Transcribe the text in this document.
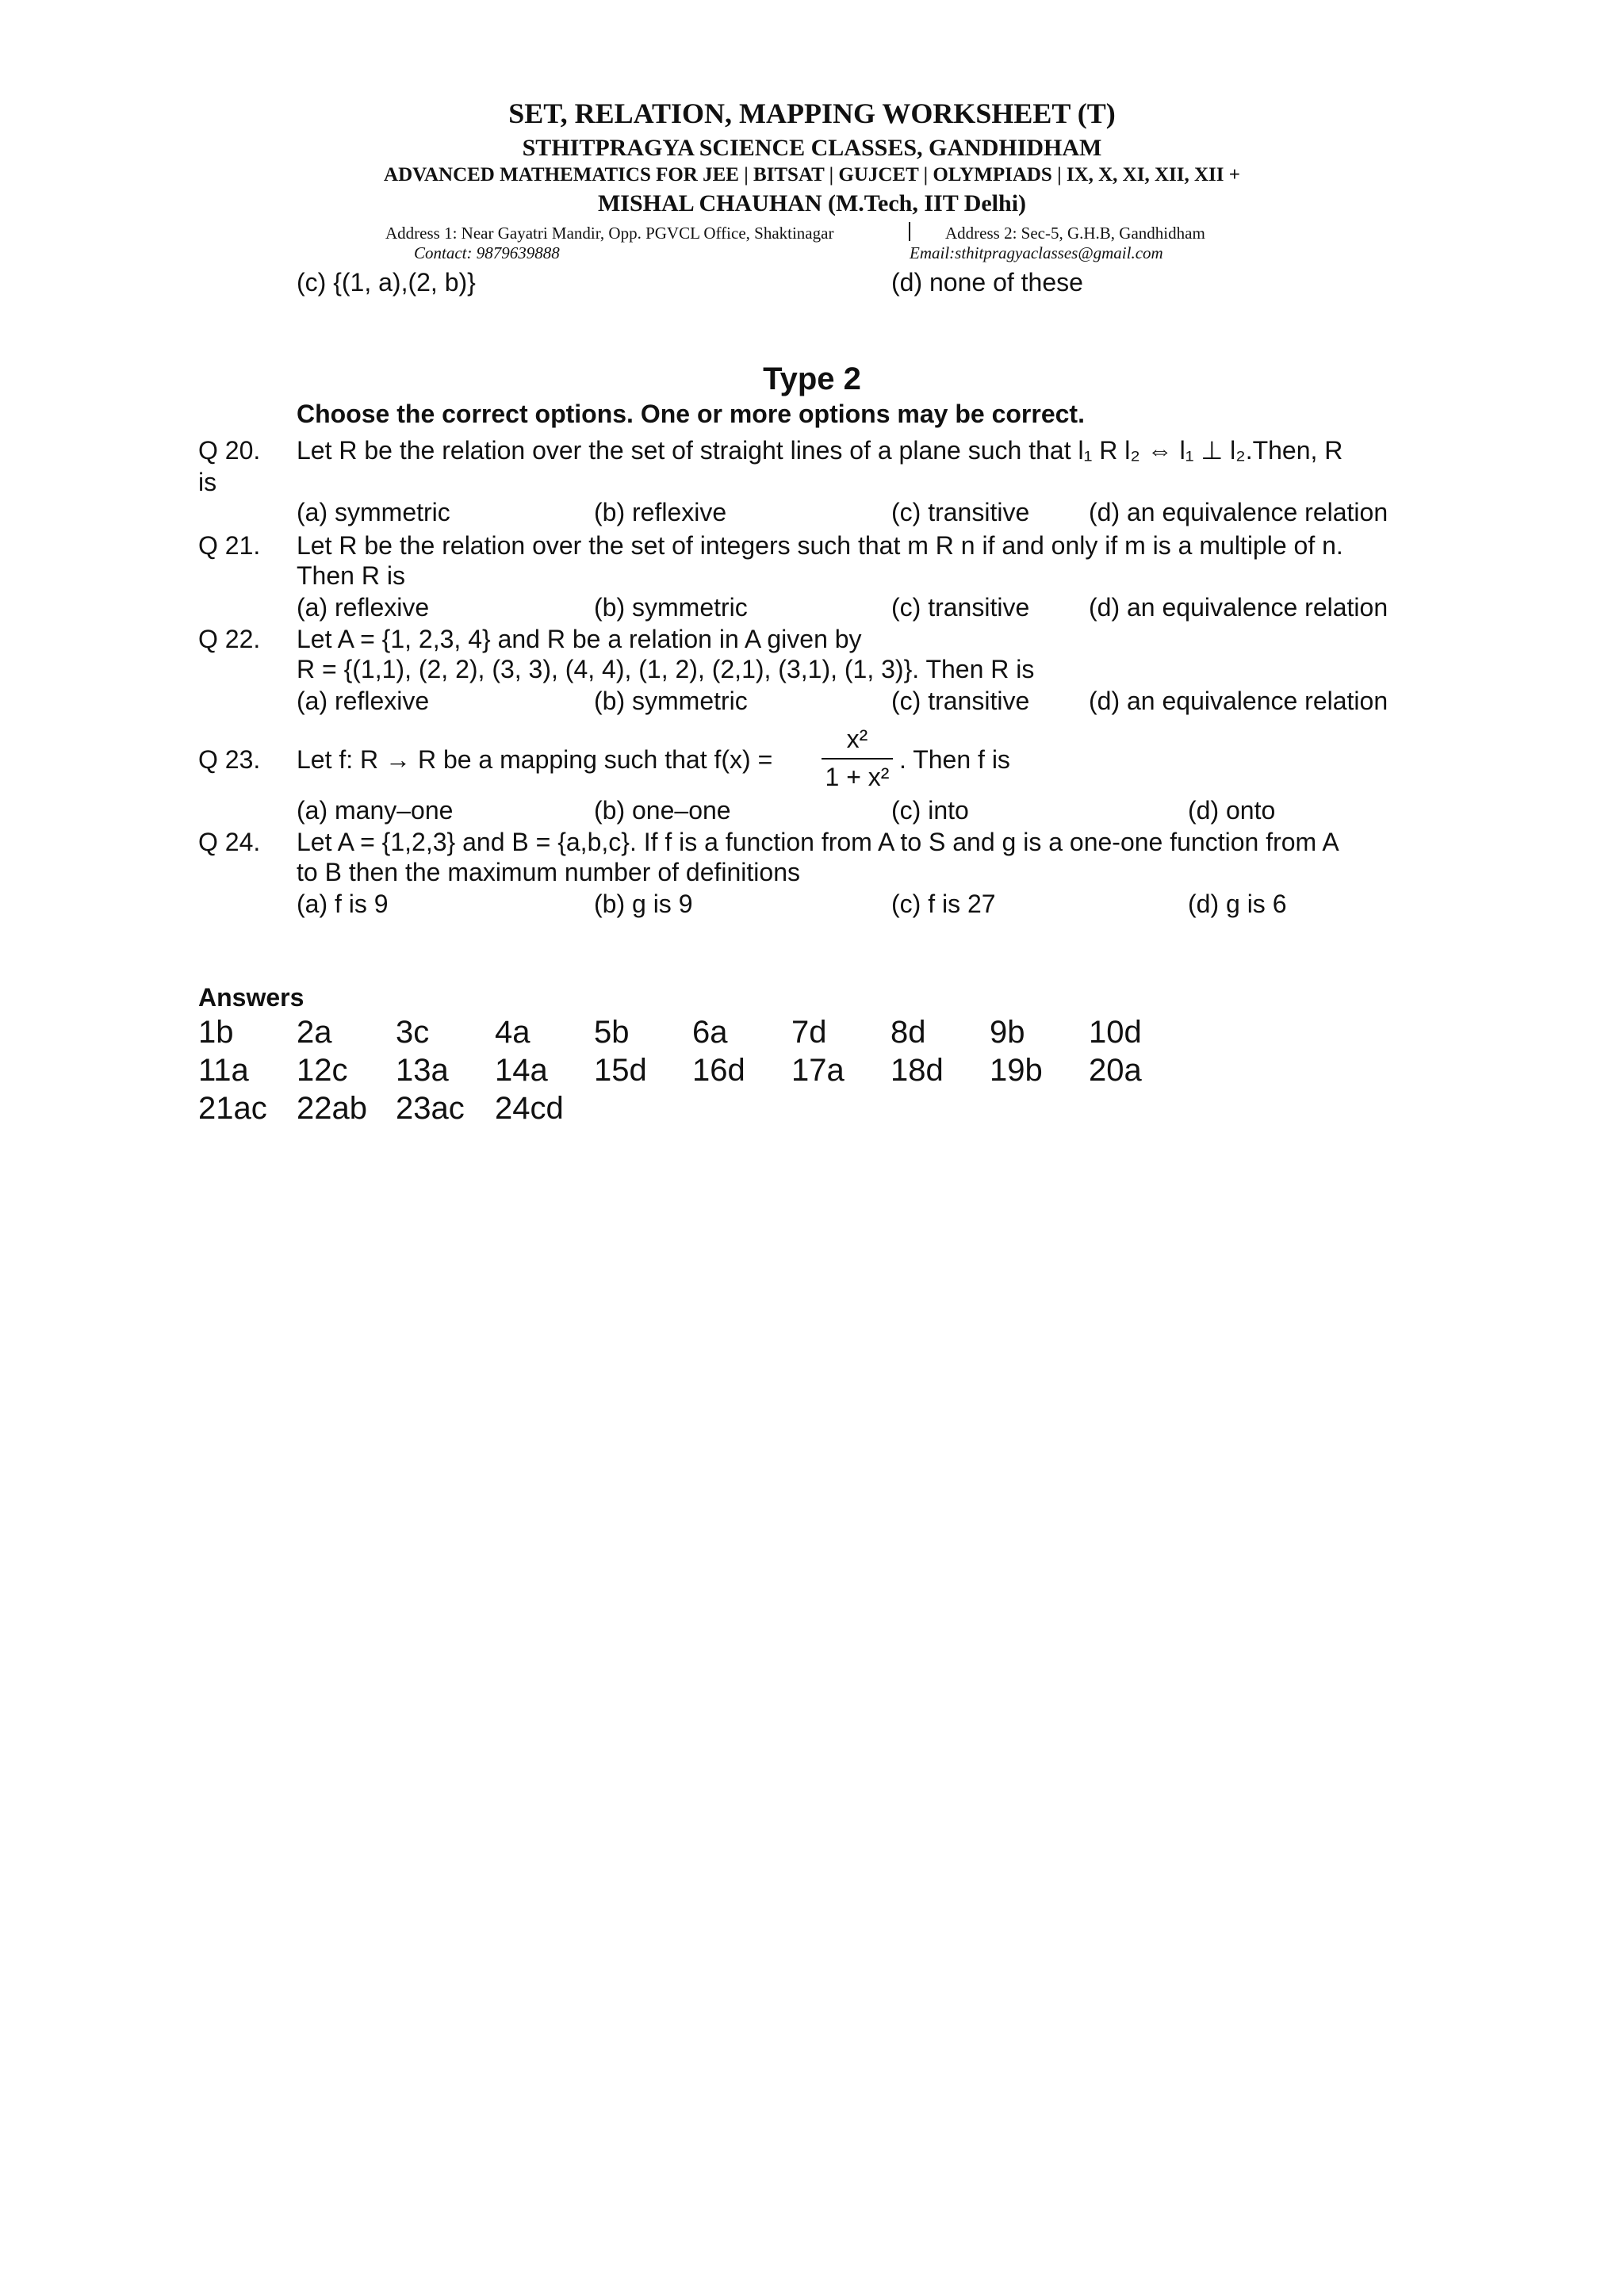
SET, RELATION, MAPPING WORKSHEET (T)
STHITPRAGYA SCIENCE CLASSES, GANDHIDHAM
ADVANCED MATHEMATICS FOR JEE | BITSAT | GUJCET | OLYMPIADS | IX, X, XI, XII, XII +
MISHAL CHAUHAN (M.Tech, IIT Delhi)
Address 1: Near Gayatri Mandir, Opp. PGVCL Office, Shaktinagar	Address 2: Sec-5, G.H.B, Gandhidham
Contact: 9879639888	Email:sthitpragyaclasses@gmail.com
(c) {(1, a),(2, b)}	(d) none of these
Type 2
Choose the correct options. One or more options may be correct.
Q 20. Let R be the relation over the set of straight lines of a plane such that l₁ R l₂ ⇔ l₁ ⊥ l₂.Then, R
is
(a) symmetric	(b) reflexive	(c) transitive (d) an equivalence relation
Q 21. Let R be the relation over the set of integers such that m R n if and only if m is a multiple of n.
Then R is
(a) reflexive	(b) symmetric	(c) transitive (d) an equivalence relation
Q 22. Let A = {1, 2,3, 4} and R be a relation in A given by
R = {(1,1), (2, 2), (3, 3), (4, 4), (1, 2), (2,1), (3,1), (1, 3)}. Then R is
(a) reflexive	(b) symmetric	(c) transitive (d) an equivalence relation
Q 23. Let f: R → R be a mapping such that f(x) =
x²
1 + x²
. Then f is
(a) many–one	(b) one–one	(c) into	(d) onto
Q 24. Let A = {1,2,3} and B = {a,b,c}. If f is a function from A to S and g is a one-one function from A
to B then the maximum number of definitions
(a) f is 9	(b) g is 9	(c) f is 27	(d) g is 6
Answers
1b 2a 3c 4a 5b 6a 7d 8d 9b 10d
11a 12c 13a 14a 15d 16d 17a 18d 19b 20a
21ac 22ab 23ac 24cd
